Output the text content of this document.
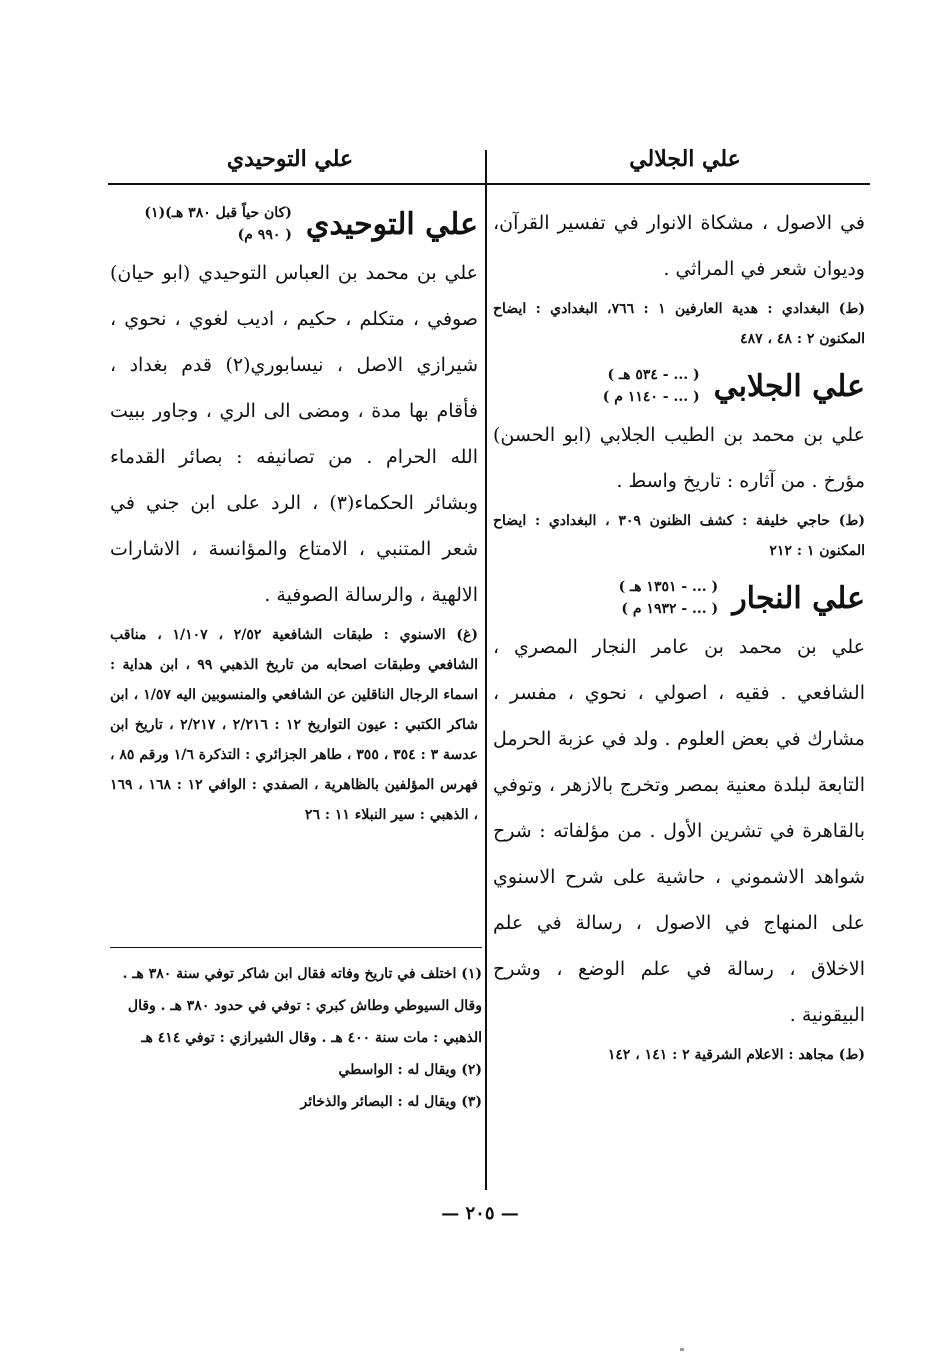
علي الجلالي
علي التوحيدي

في الاصول ، مشكاة الانوار في تفسير القرآن، وديوان شعر في المراثي .

(ط) البغدادي : هدية العارفين ١ : ٧٦٦، البغدادي : ايضاح المكنون ٢ : ٤٨ ، ٤٨٧

علي الجلابي
( ... - ٥٣٤ هـ )
( ... - ١١٤٠ م )

علي بن محمد بن الطيب الجلابي (ابو الحسن) مؤرخ . من آثاره : تاريخ واسط .

(ط) حاجي خليفة : كشف الظنون ٣٠٩ ، البغدادي : ايضاح المكنون ١ : ٢١٢

علي النجار
( ... - ١٣٥١ هـ )
( ... - ١٩٣٢ م )

علي بن محمد بن عامر النجار المصري ، الشافعي . فقيه ، اصولي ، نحوي ، مفسر ، مشارك في بعض العلوم . ولد في عزبة الحرمل التابعة لبلدة معنية بمصر وتخرج بالازهر ، وتوفي بالقاهرة في تشرين الأول . من مؤلفاته : شرح شواهد الاشموني ، حاشية على شرح الاسنوي على المنهاج في الاصول ، رسالة في علم الاخلاق ، رسالة في علم الوضع ، وشرح البيقونية .

(ط) مجاهد : الاعلام الشرقية ٢ : ١٤١ ، ١٤٢

علي التوحيدي
(كان حياً قبل ٣٨٠ هـ)(١)
( ٩٩٠ م)

علي بن محمد بن العباس التوحيدي (ابو حيان) صوفي ، متكلم ، حكيم ، اديب لغوي ، نحوي ، شيرازي الاصل ، نيسابوري(٢) قدم بغداد ، فأقام بها مدة ، ومضى الى الري ، وجاور ببيت الله الحرام . من تصانيفه : بصائر القدماء وبشائر الحكماء(٣) ، الرد على ابن جني في شعر المتنبي ، الامتاع والمؤانسة ، الاشارات الالهية ، والرسالة الصوفية .

(غ) الاسنوي : طبقات الشافعية ٢/٥٢ ، ١/١٠٧ ، مناقب الشافعي وطبقات اصحابه من تاريخ الذهبي ٩٩ ، ابن هداية : اسماء الرجال الناقلين عن الشافعي والمنسوبين اليه ١/٥٧ ، ابن شاكر الكتبي : عيون التواريخ ١٢ : ٢/٢١٦ ، ٢/٢١٧ ، تاريخ ابن عدسة ٣ : ٣٥٤ ، ٣٥٥ ، طاهر الجزائري : التذكرة ١/٦ ورقم ٨٥ ، فهرس المؤلفين بالظاهرية ، الصفدي : الوافي ١٢ : ١٦٨ ، ١٦٩ ، الذهبي : سير النبلاء ١١ : ٢٦

(١) اختلف في تاريخ وفاته فقال ابن شاكر توفي سنة ٣٨٠ هـ . وقال السيوطي وطاش كبري : توفي في حدود ٣٨٠ هـ . وقال الذهبي : مات سنة ٤٠٠ هـ . وقال الشيرازي : توفي ٤١٤ هـ
(٢) ويقال له : الواسطي
(٣) ويقال له : البصائر والذخائر
— ٢٠٥ —
